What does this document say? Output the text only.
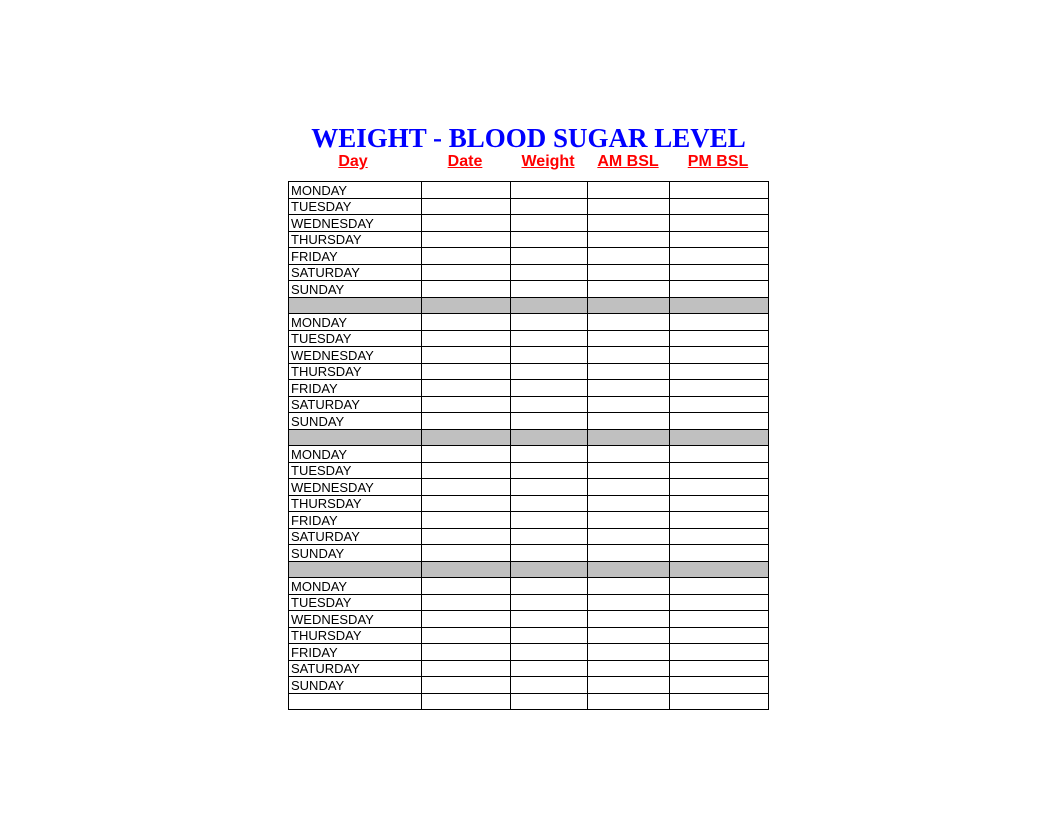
WEIGHT - BLOOD SUGAR LEVEL
Day	Date	Weight	AM BSL	PM BSL
MONDAY				
TUESDAY				
WEDNESDAY				
THURSDAY				
FRIDAY				
SATURDAY				
SUNDAY				

MONDAY				
TUESDAY				
WEDNESDAY				
THURSDAY				
FRIDAY				
SATURDAY				
SUNDAY				

MONDAY				
TUESDAY				
WEDNESDAY				
THURSDAY				
FRIDAY				
SATURDAY				
SUNDAY				

MONDAY				
TUESDAY				
WEDNESDAY				
THURSDAY				
FRIDAY				
SATURDAY				
SUNDAY				
